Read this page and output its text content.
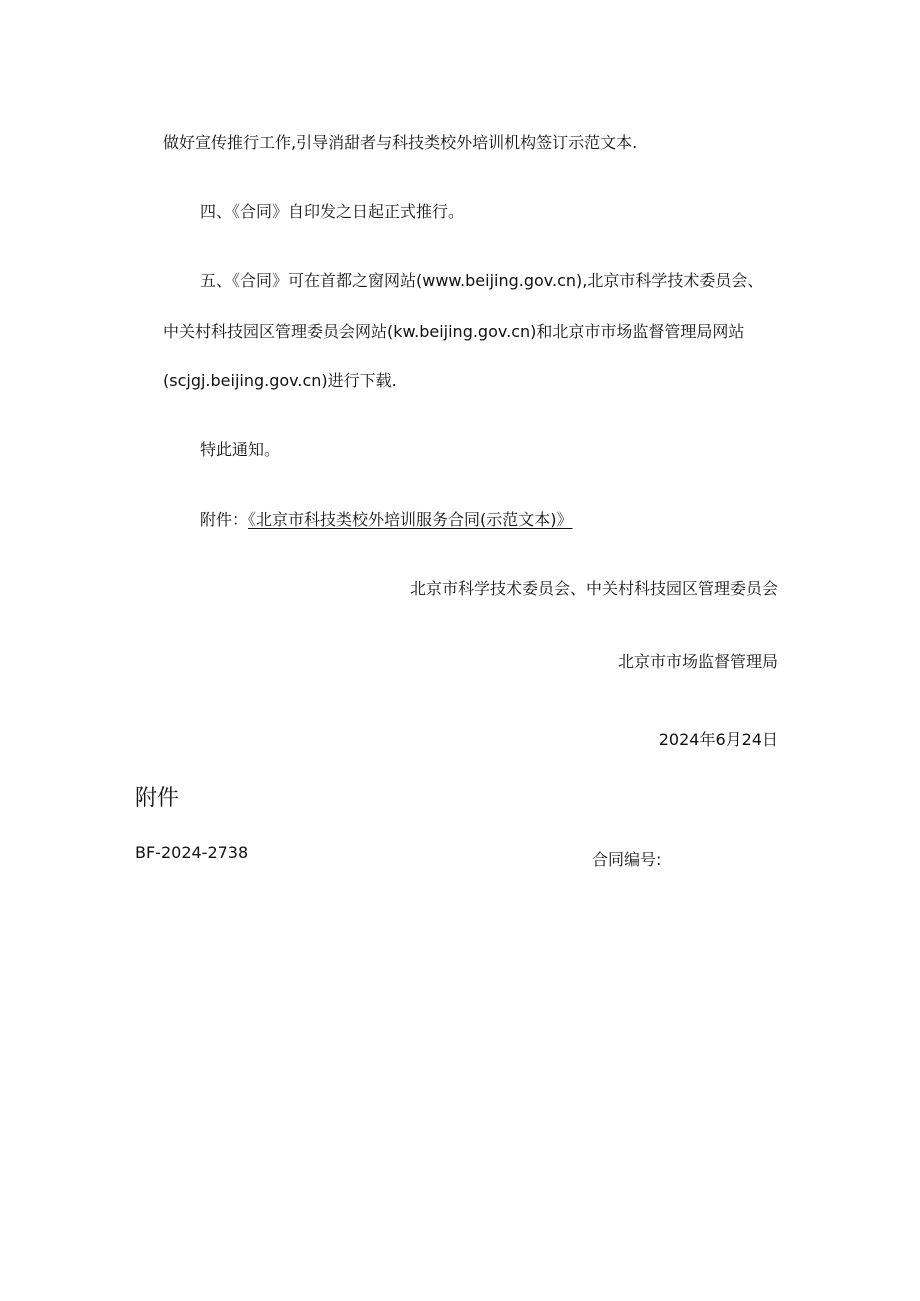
做好宣传推行工作,引导消甜者与科技类校外培训机构签订示范文本.
四、《合同》自印发之日起正式推行。
五、《合同》可在首都之窗网站(www.beijing.gov.cn),北京市科学技术委员会、
中关村科技园区管理委员会网站(kw.beijing.gov.cn)和北京市市场监督管理局网站
(scjgj.beijing.gov.cn)进行下载.
特此通知。
附件：《北京市科技类校外培训服务合同(示范文本)》
北京市科学技术委员会、中关村科技园区管理委员会
北京市市场监督管理局
2024年6月24日
附件
BF-2024-2738	合同编号:
